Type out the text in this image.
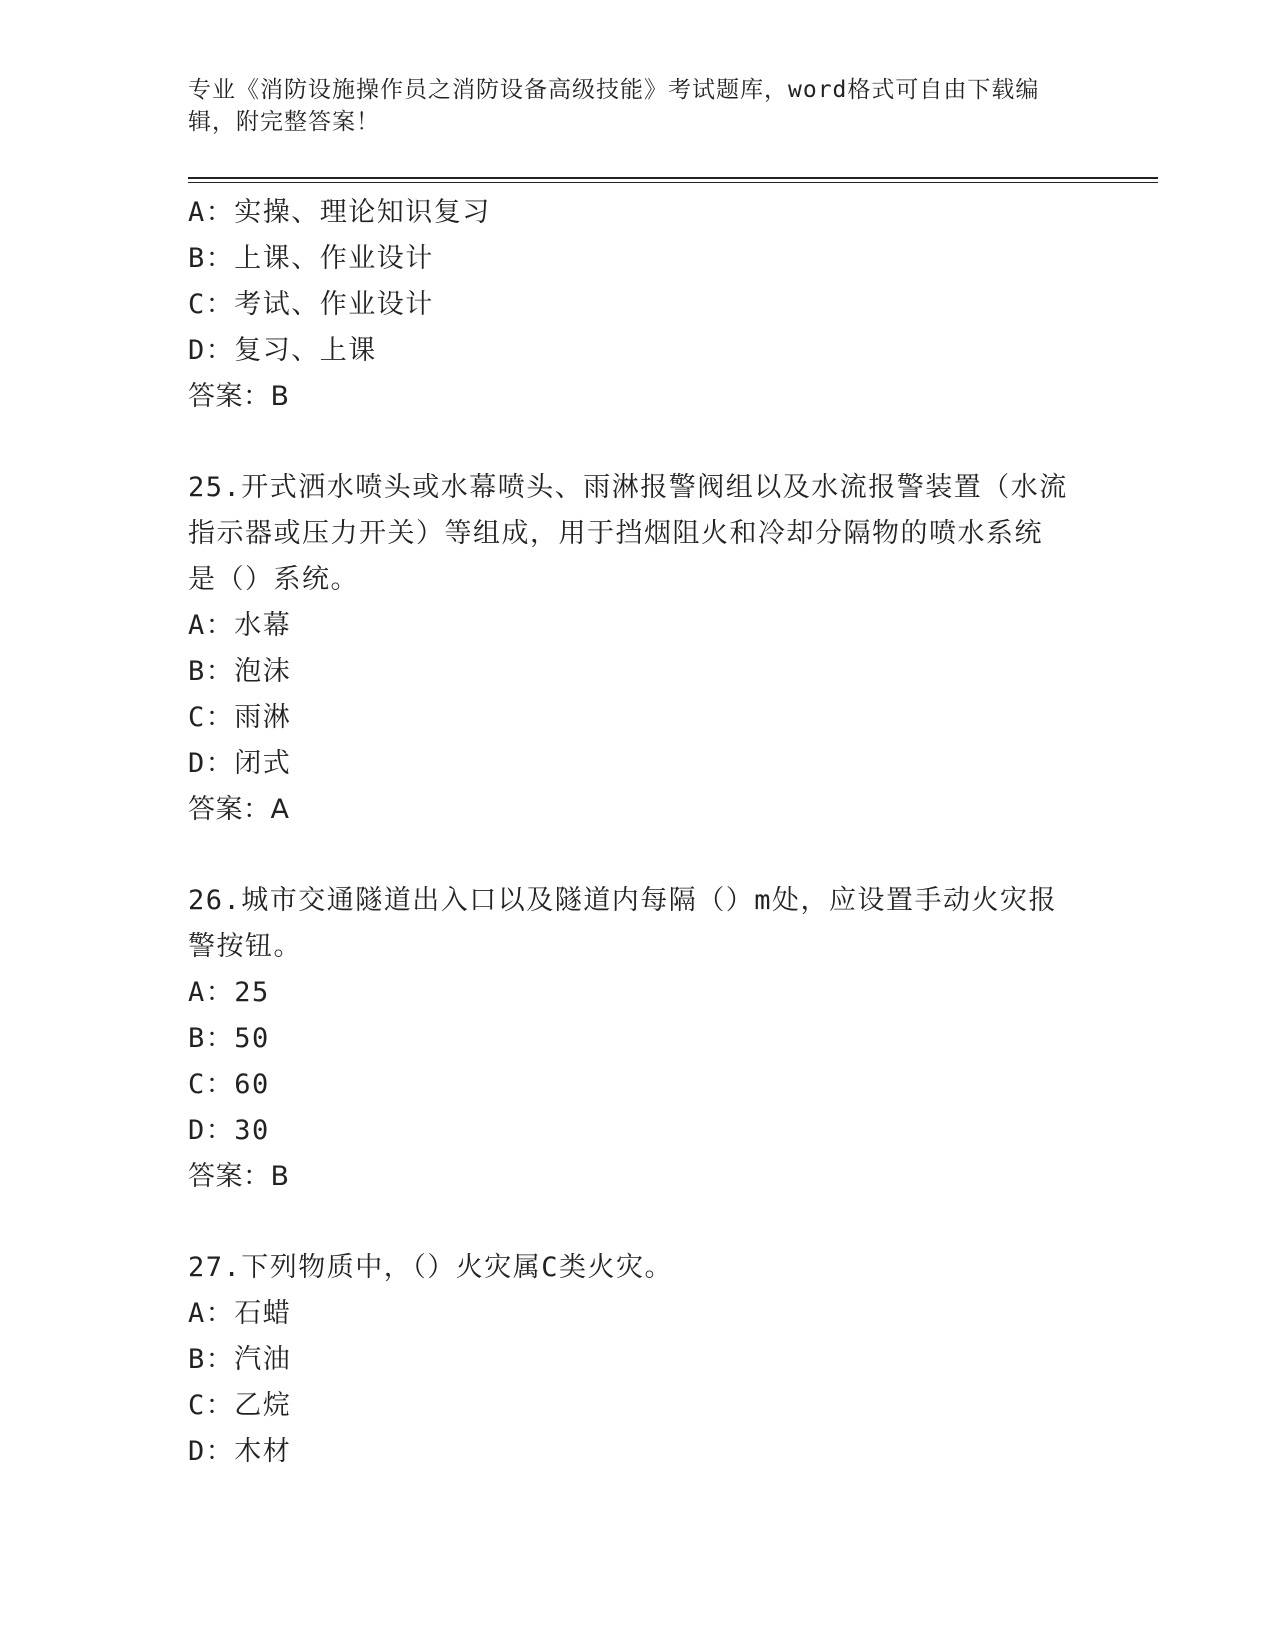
专业《消防设施操作员之消防设备高级技能》考试题库，word格式可自由下载编
辑，附完整答案！
A：实操、理论知识复习
B：上课、作业设计
C：考试、作业设计
D：复习、上课
答案：B
25.开式洒水喷头或水幕喷头、雨淋报警阀组以及水流报警装置（水流
指示器或压力开关）等组成，用于挡烟阻火和冷却分隔物的喷水系统
是（）系统。
A：水幕
B：泡沫
C：雨淋
D：闭式
答案：A
26.城市交通隧道出入口以及隧道内每隔（）m处，应设置手动火灾报
警按钮。
A：25
B：50
C：60
D：30
答案：B
27.下列物质中，（）火灾属C类火灾。
A：石蜡
B：汽油
C：乙烷
D：木材
